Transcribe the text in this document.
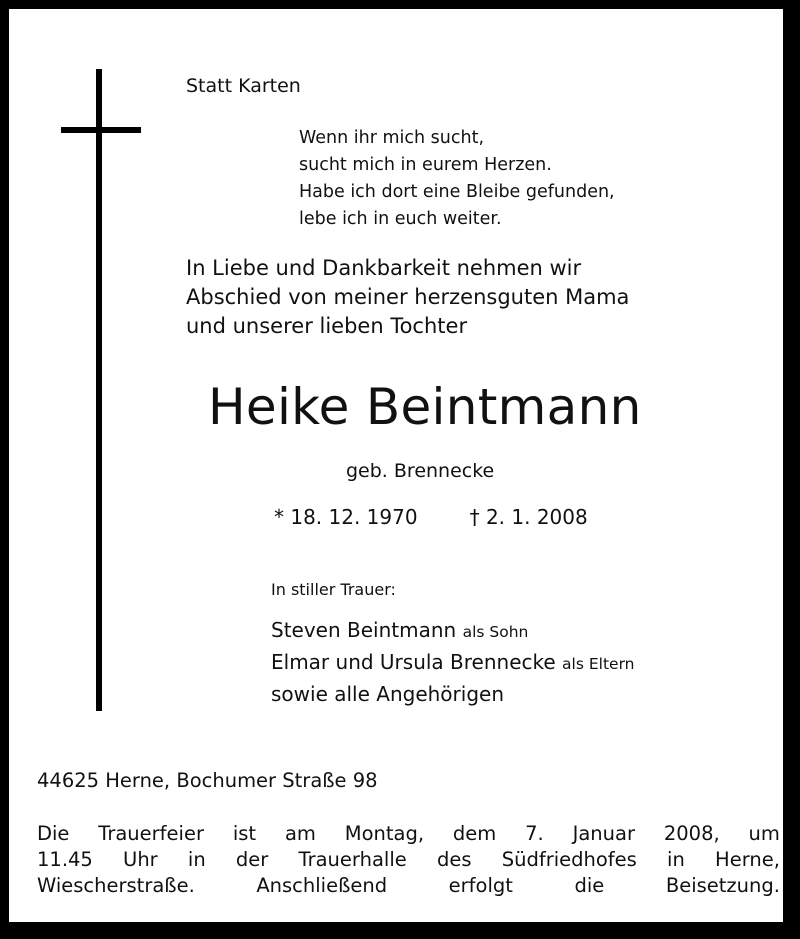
Statt Karten
Wenn ihr mich sucht,
sucht mich in eurem Herzen.
Habe ich dort eine Bleibe gefunden,
lebe ich in euch weiter.
In Liebe und Dankbarkeit nehmen wir
Abschied von meiner herzensguten Mama
und unserer lieben Tochter
Heike Beintmann
geb. Brennecke
* 18. 12. 1970	† 2. 1. 2008
In stiller Trauer:
Steven Beintmann als Sohn
Elmar und Ursula Brennecke als Eltern
sowie alle Angehörigen
44625 Herne, Bochumer Straße 98
Die Trauerfeier ist am Montag, dem 7. Januar 2008, um
11.45 Uhr in der Trauerhalle des Südfriedhofes in Herne,
Wiescherstraße.	Anschließend	erfolgt	die	Beisetzung.
